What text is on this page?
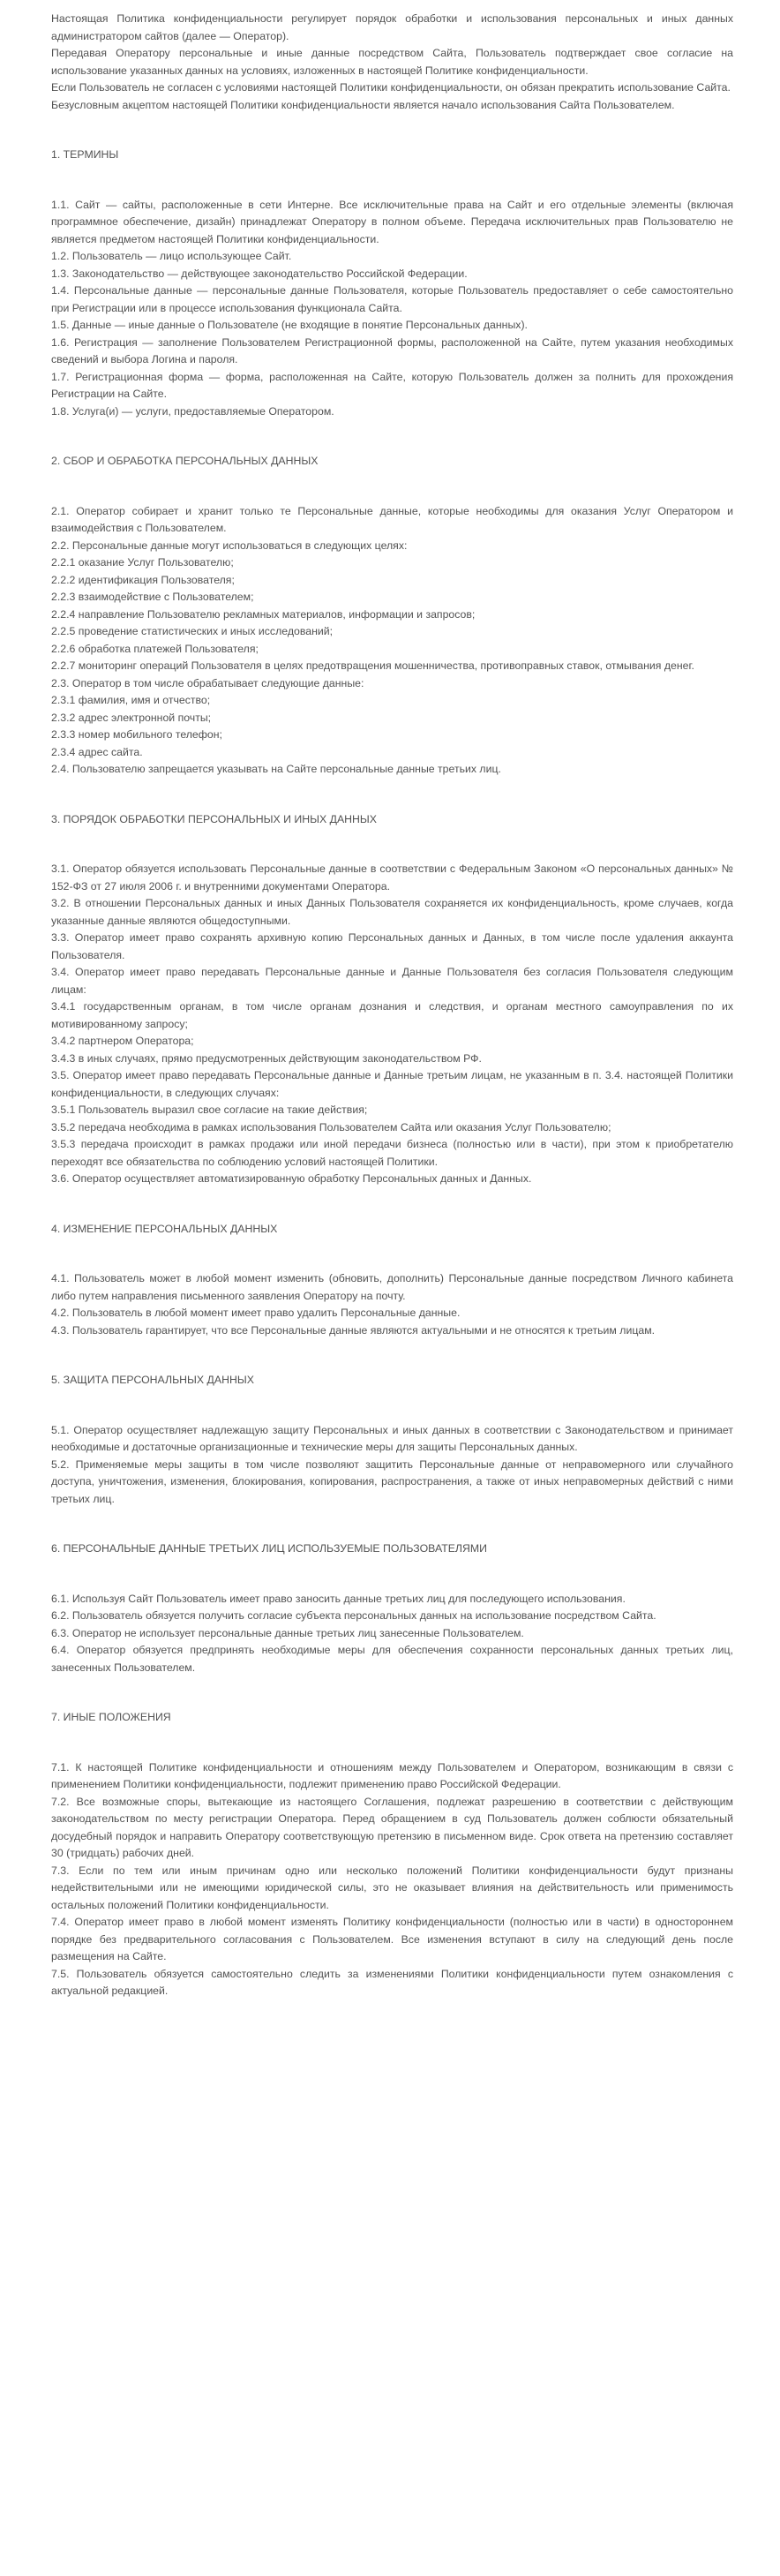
Настоящая Политика конфиденциальности регулирует порядок обработки и использования персональных и иных данных администратором сайтов (далее — Оператор).

Передавая Оператору персональные и иные данные посредством Сайта, Пользователь подтверждает свое согласие на использование указанных данных на условиях, изложенных в настоящей Политике конфиденциальности.

Если Пользователь не согласен с условиями настоящей Политики конфиденциальности, он обязан прекратить использование Сайта.

Безусловным акцептом настоящей Политики конфиденциальности является начало использования Сайта Пользователем.

1. ТЕРМИНЫ

1.1. Сайт — сайты, расположенные в сети Интерне. Все исключительные права на Сайт и его отдельные элементы (включая программное обеспечение, дизайн) принадлежат Оператору в полном объеме. Передача исключительных прав Пользователю не является предметом настоящей Политики конфиденциальности.

1.2. Пользователь — лицо использующее Сайт.

1.3. Законодательство — действующее законодательство Российской Федерации.

1.4. Персональные данные — персональные данные Пользователя, которые Пользователь предоставляет о себе самостоятельно при Регистрации или в процессе использования функционала Сайта.

1.5. Данные — иные данные о Пользователе (не входящие в понятие Персональных данных).

1.6. Регистрация — заполнение Пользователем Регистрационной формы, расположенной на Сайте, путем указания необходимых сведений и выбора Логина и пароля.

1.7. Регистрационная форма — форма, расположенная на Сайте, которую Пользователь должен за полнить для прохождения Регистрации на Сайте.

1.8. Услуга(и) — услуги, предоставляемые Оператором.

2. СБОР И ОБРАБОТКА ПЕРСОНАЛЬНЫХ ДАННЫХ

2.1. Оператор собирает и хранит только те Персональные данные, которые необходимы для оказания Услуг Оператором и взаимодействия с Пользователем.

2.2. Персональные данные могут использоваться в следующих целях:

2.2.1 оказание Услуг Пользователю;

2.2.2 идентификация Пользователя;

2.2.3 взаимодействие с Пользователем;

2.2.4 направление Пользователю рекламных материалов, информации и запросов;

2.2.5 проведение статистических и иных исследований;

2.2.6 обработка платежей Пользователя;

2.2.7 мониторинг операций Пользователя в целях предотвращения мошенничества, противоправных ставок, отмывания денег.

2.3. Оператор в том числе обрабатывает следующие данные:

2.3.1 фамилия, имя и отчество;

2.3.2 адрес электронной почты;

2.3.3 номер мобильного телефон;

2.3.4 адрес сайта.

2.4. Пользователю запрещается указывать на Сайте персональные данные третьих лиц.

3. ПОРЯДОК ОБРАБОТКИ ПЕРСОНАЛЬНЫХ И ИНЫХ ДАННЫХ

3.1. Оператор обязуется использовать Персональные данные в соответствии с Федеральным Законом «О персональных данных» № 152-ФЗ от 27 июля 2006 г. и внутренними документами Оператора.

3.2. В отношении Персональных данных и иных Данных Пользователя сохраняется их конфиденциальность, кроме случаев, когда указанные данные являются общедоступными.

3.3. Оператор имеет право сохранять архивную копию Персональных данных и Данных, в том числе после удаления аккаунта Пользователя.

3.4. Оператор имеет право передавать Персональные данные и Данные Пользователя без согласия Пользователя следующим лицам:

3.4.1 государственным органам, в том числе органам дознания и следствия, и органам местного самоуправления по их мотивированному запросу;

3.4.2 партнером Оператора;

3.4.3 в иных случаях, прямо предусмотренных действующим законодательством РФ.

3.5. Оператор имеет право передавать Персональные данные и Данные третьим лицам, не указанным в п. 3.4. настоящей Политики конфиденциальности, в следующих случаях:

3.5.1 Пользователь выразил свое согласие на такие действия;

3.5.2 передача необходима в рамках использования Пользователем Сайта или оказания Услуг Пользователю;

3.5.3 передача происходит в рамках продажи или иной передачи бизнеса (полностью или в части), при этом к приобретателю переходят все обязательства по соблюдению условий настоящей Политики.

3.6. Оператор осуществляет автоматизированную обработку Персональных данных и Данных.

4. ИЗМЕНЕНИЕ ПЕРСОНАЛЬНЫХ ДАННЫХ

4.1. Пользователь может в любой момент изменить (обновить, дополнить) Персональные данные посредством Личного кабинета либо путем направления письменного заявления Оператору на почту.

4.2. Пользователь в любой момент имеет право удалить Персональные данные.

4.3. Пользователь гарантирует, что все Персональные данные являются актуальными и не относятся к третьим лицам.

5. ЗАЩИТА ПЕРСОНАЛЬНЫХ ДАННЫХ

5.1. Оператор осуществляет надлежащую защиту Персональных и иных данных в соответствии с Законодательством и принимает необходимые и достаточные организационные и технические меры для защиты Персональных данных.

5.2. Применяемые меры защиты в том числе позволяют защитить Персональные данные от неправомерного или случайного доступа, уничтожения, изменения, блокирования, копирования, распространения, а также от иных неправомерных действий с ними третьих лиц.

6. ПЕРСОНАЛЬНЫЕ ДАННЫЕ ТРЕТЬИХ ЛИЦ ИСПОЛЬЗУЕМЫЕ ПОЛЬЗОВАТЕЛЯМИ

6.1. Используя Сайт Пользователь имеет право заносить данные третьих лиц для последующего использования.

6.2. Пользователь обязуется получить согласие субъекта персональных данных на использование посредством Сайта.

6.3. Оператор не использует персональные данные третьих лиц занесенные Пользователем.

6.4. Оператор обязуется предпринять необходимые меры для обеспечения сохранности персональных данных третьих лиц, занесенных Пользователем.

7. ИНЫЕ ПОЛОЖЕНИЯ

7.1. К настоящей Политике конфиденциальности и отношениям между Пользователем и Оператором, возникающим в связи с применением Политики конфиденциальности, подлежит применению право Российской Федерации.

7.2. Все возможные споры, вытекающие из настоящего Соглашения, подлежат разрешению в соответствии с действующим законодательством по месту регистрации Оператора. Перед обращением в суд Пользователь должен соблюсти обязательный досудебный порядок и направить Оператору соответствующую претензию в письменном виде. Срок ответа на претензию составляет 30 (тридцать) рабочих дней.

7.3. Если по тем или иным причинам одно или несколько положений Политики конфиденциальности будут признаны недействительными или не имеющими юридической силы, это не оказывает влияния на действительность или применимость остальных положений Политики конфиденциальности.

7.4. Оператор имеет право в любой момент изменять Политику конфиденциальности (полностью или в части) в одностороннем порядке без предварительного согласования с Пользователем. Все изменения вступают в силу на следующий день после размещения на Сайте.

7.5. Пользователь обязуется самостоятельно следить за изменениями Политики конфиденциальности путем ознакомления с актуальной редакцией.
